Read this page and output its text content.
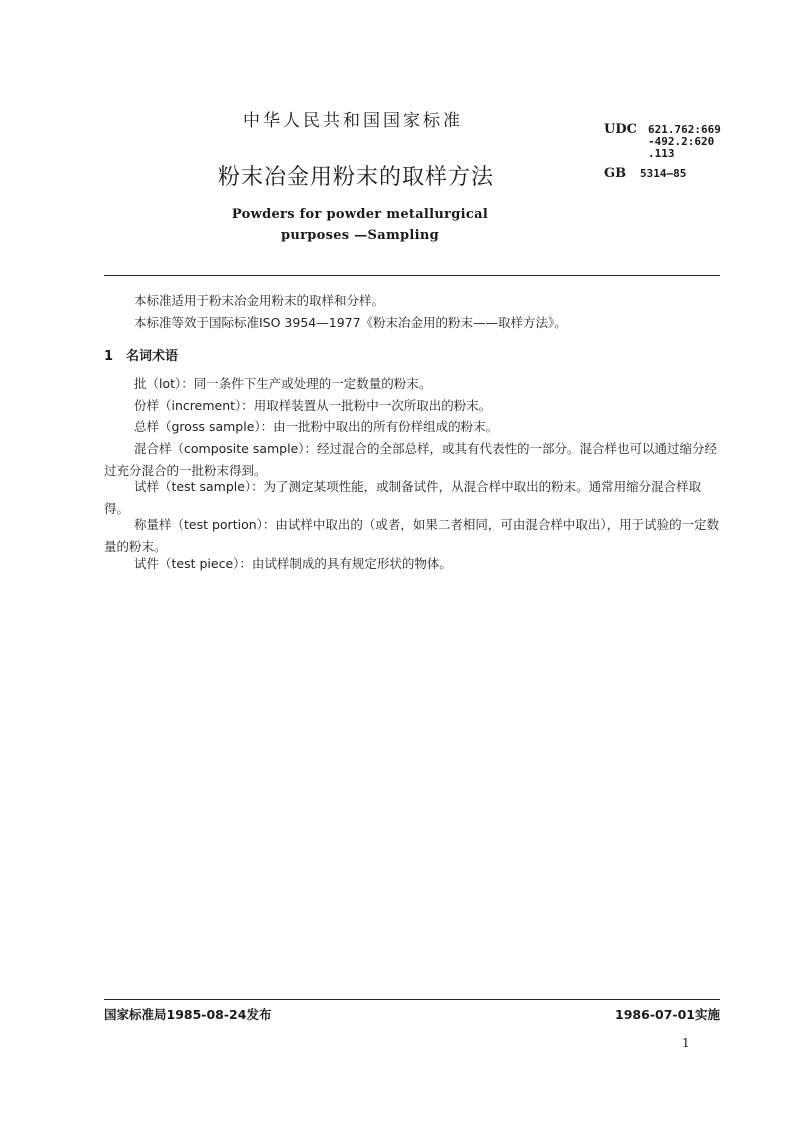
中华人民共和国国家标准
粉末冶金用粉末的取样方法
Powders for powder metallurgical
purposes —Sampling
UDC 621.762:669
-492.2:620
.113
GB 5314—85
本标准适用于粉末冶金用粉末的取样和分样。
本标准等效于国际标准ISO 3954—1977《粉末冶金用的粉末——取样方法》。
1 名词术语
批（lot）：同一条件下生产或处理的一定数量的粉末。
份样（increment）：用取样装置从一批粉中一次所取出的粉末。
总样（gross sample）：由一批粉中取出的所有份样组成的粉末。
混合样（composite sample）：经过混合的全部总样，或其有代表性的一部分。混合样也可以通过缩分经过充分混合的一批粉末得到。
试样（test sample）：为了测定某项性能，或制备试件，从混合样中取出的粉末。通常用缩分混合样取得。
称量样（test portion）：由试样中取出的（或者，如果二者相同，可由混合样中取出），用于试验的一定数量的粉末。
试件（test piece）：由试样制成的具有规定形状的物体。
国家标准局1985-08-24发布	1986-07-01实施
1
